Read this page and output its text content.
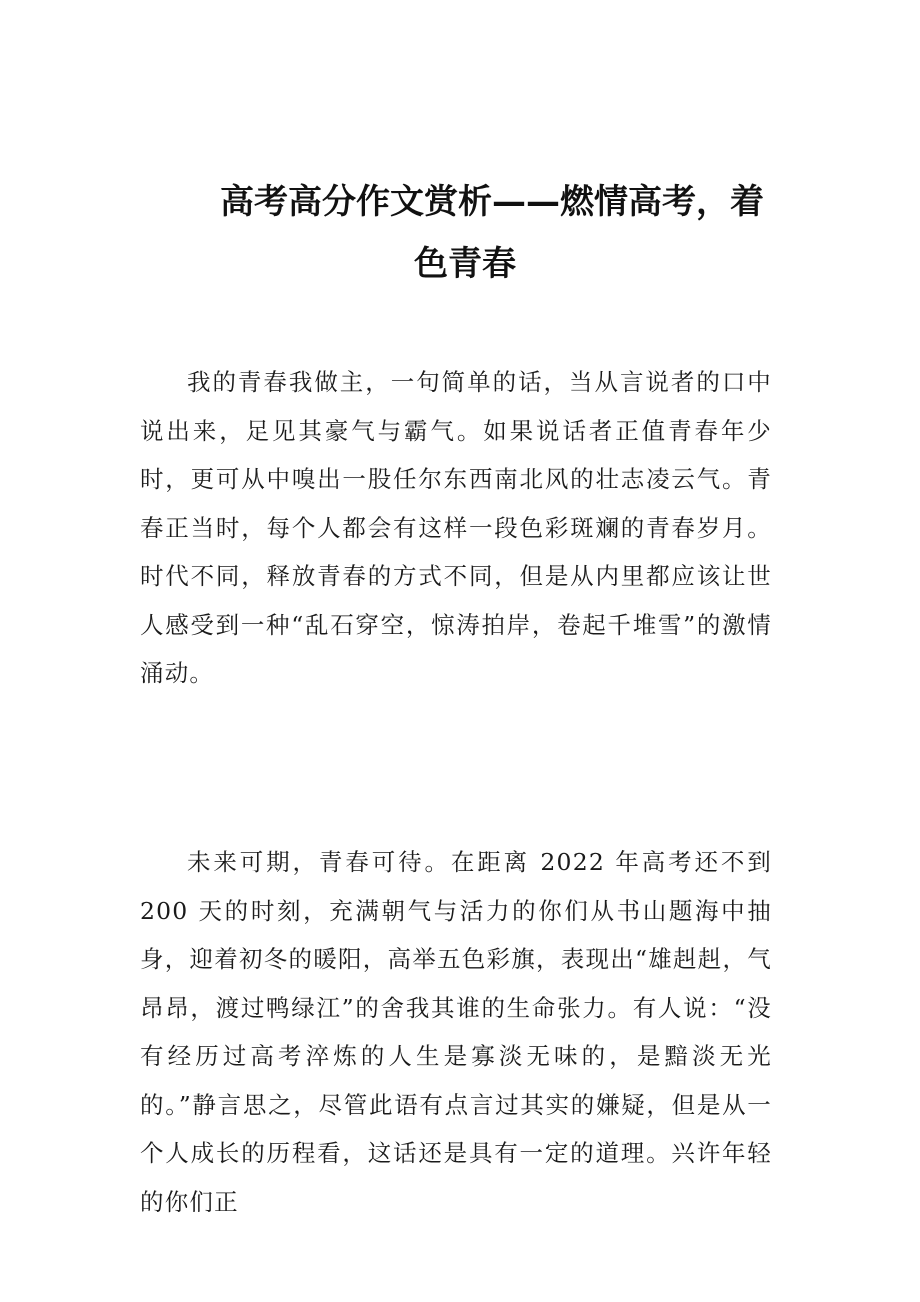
高考高分作文赏析——燃情高考，着
色青春

我的青春我做主，一句简单的话，当从言说者的口中说出来，足见其豪气与霸气。如果说话者正值青春年少时，更可从中嗅出一股任尔东西南北风的壮志凌云气。青春正当时，每个人都会有这样一段色彩斑斓的青春岁月。时代不同，释放青春的方式不同，但是从内里都应该让世人感受到一种“乱石穿空，惊涛拍岸，卷起千堆雪”的激情涌动。

未来可期，青春可待。在距离 2022 年高考还不到 200 天的时刻，充满朝气与活力的你们从书山题海中抽身，迎着初冬的暖阳，高举五色彩旗，表现出“雄赳赳，气昂昂，渡过鸭绿江”的舍我其谁的生命张力。有人说：“没有经历过高考淬炼的人生是寡淡无味的，是黯淡无光的。”静言思之，尽管此语有点言过其实的嫌疑，但是从一个人成长的历程看，这话还是具有一定的道理。兴许年轻的你们正
